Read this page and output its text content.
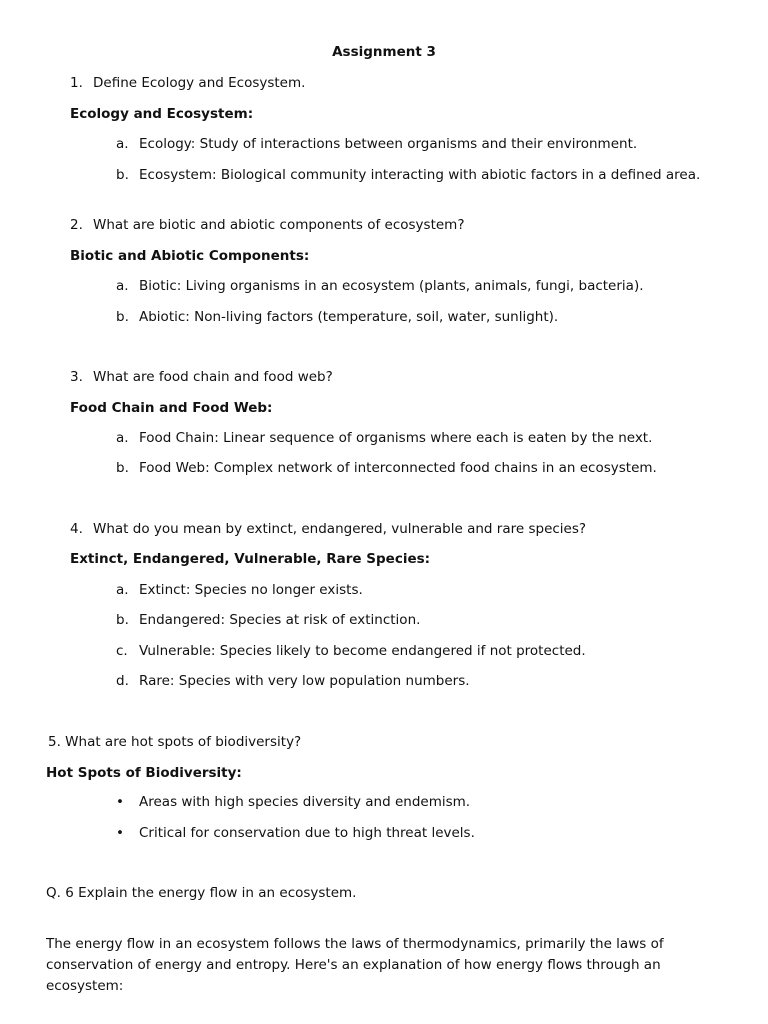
Assignment 3
1. Define Ecology and Ecosystem.
Ecology and Ecosystem:
a. Ecology: Study of interactions between organisms and their environment.
b. Ecosystem: Biological community interacting with abiotic factors in a defined area.
2. What are biotic and abiotic components of ecosystem?
Biotic and Abiotic Components:
a. Biotic: Living organisms in an ecosystem (plants, animals, fungi, bacteria).
b. Abiotic: Non-living factors (temperature, soil, water, sunlight).
3. What are food chain and food web?
Food Chain and Food Web:
a. Food Chain: Linear sequence of organisms where each is eaten by the next.
b. Food Web: Complex network of interconnected food chains in an ecosystem.
4. What do you mean by extinct, endangered, vulnerable and rare species?
Extinct, Endangered, Vulnerable, Rare Species:
a. Extinct: Species no longer exists.
b. Endangered: Species at risk of extinction.
c. Vulnerable: Species likely to become endangered if not protected.
d. Rare: Species with very low population numbers.
5. What are hot spots of biodiversity?
Hot Spots of Biodiversity:
• Areas with high species diversity and endemism.
• Critical for conservation due to high threat levels.
Q. 6 Explain the energy flow in an ecosystem.
The energy flow in an ecosystem follows the laws of thermodynamics, primarily the laws of conservation of energy and entropy. Here's an explanation of how energy flows through an ecosystem:
